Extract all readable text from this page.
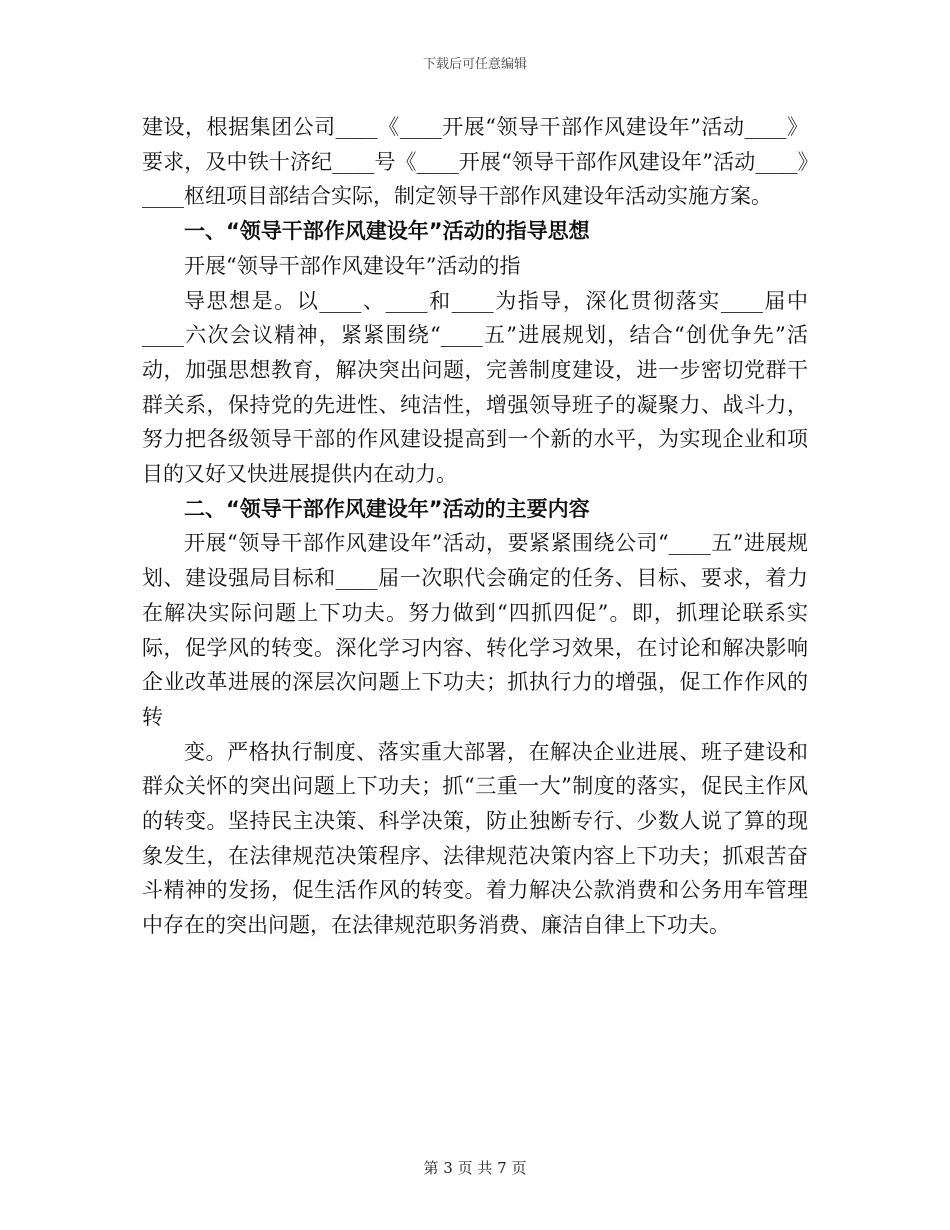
下载后可任意编辑

建设，根据集团公司____《____开展“领导干部作风建设年”活动____》要求，及中铁十济纪____号《____开展“领导干部作风建设年”活动____》____枢纽项目部结合实际，制定领导干部作风建设年活动实施方案。

一、“领导干部作风建设年”活动的指导思想

开展“领导干部作风建设年”活动的指

导思想是。以____、____和____为指导，深化贯彻落实____届中____六次会议精神，紧紧围绕“____五”进展规划，结合“创优争先”活动，加强思想教育，解决突出问题，完善制度建设，进一步密切党群干群关系，保持党的先进性、纯洁性，增强领导班子的凝聚力、战斗力，努力把各级领导干部的作风建设提高到一个新的水平，为实现企业和项目的又好又快进展提供内在动力。

二、“领导干部作风建设年”活动的主要内容

开展“领导干部作风建设年”活动，要紧紧围绕公司“____五”进展规划、建设强局目标和____届一次职代会确定的任务、目标、要求，着力在解决实际问题上下功夫。努力做到“四抓四促”。即，抓理论联系实际，促学风的转变。深化学习内容、转化学习效果，在讨论和解决影响企业改革进展的深层次问题上下功夫；抓执行力的增强，促工作作风的转

变。严格执行制度、落实重大部署，在解决企业进展、班子建设和群众关怀的突出问题上下功夫；抓“三重一大”制度的落实，促民主作风的转变。坚持民主决策、科学决策，防止独断专行、少数人说了算的现象发生，在法律规范决策程序、法律规范决策内容上下功夫；抓艰苦奋斗精神的发扬，促生活作风的转变。着力解决公款消费和公务用车管理中存在的突出问题，在法律规范职务消费、廉洁自律上下功夫。

第 3 页 共 7 页
